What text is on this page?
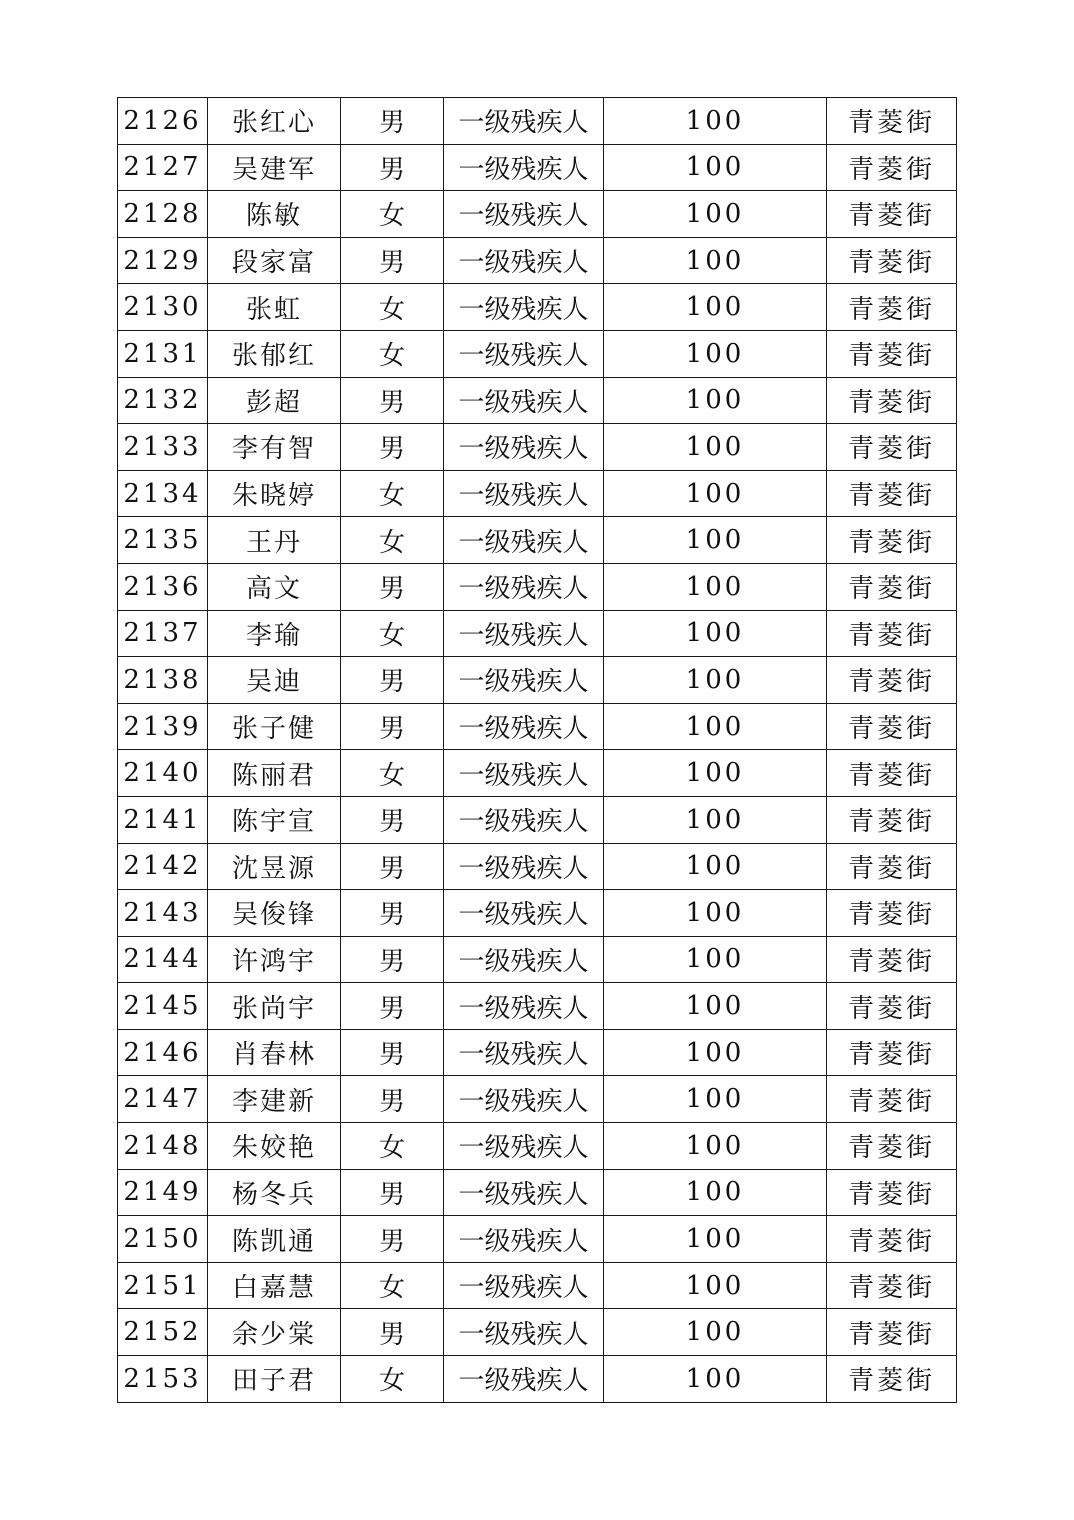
2126	张红心	男	一级残疾人	100	青菱街
2127	吴建军	男	一级残疾人	100	青菱街
2128	陈敏	女	一级残疾人	100	青菱街
2129	段家富	男	一级残疾人	100	青菱街
2130	张虹	女	一级残疾人	100	青菱街
2131	张郁红	女	一级残疾人	100	青菱街
2132	彭超	男	一级残疾人	100	青菱街
2133	李有智	男	一级残疾人	100	青菱街
2134	朱晓婷	女	一级残疾人	100	青菱街
2135	王丹	女	一级残疾人	100	青菱街
2136	高文	男	一级残疾人	100	青菱街
2137	李瑜	女	一级残疾人	100	青菱街
2138	吴迪	男	一级残疾人	100	青菱街
2139	张子健	男	一级残疾人	100	青菱街
2140	陈丽君	女	一级残疾人	100	青菱街
2141	陈宇宣	男	一级残疾人	100	青菱街
2142	沈昱源	男	一级残疾人	100	青菱街
2143	吴俊锋	男	一级残疾人	100	青菱街
2144	许鸿宇	男	一级残疾人	100	青菱街
2145	张尚宇	男	一级残疾人	100	青菱街
2146	肖春林	男	一级残疾人	100	青菱街
2147	李建新	男	一级残疾人	100	青菱街
2148	朱姣艳	女	一级残疾人	100	青菱街
2149	杨冬兵	男	一级残疾人	100	青菱街
2150	陈凯通	男	一级残疾人	100	青菱街
2151	白嘉慧	女	一级残疾人	100	青菱街
2152	余少棠	男	一级残疾人	100	青菱街
2153	田子君	女	一级残疾人	100	青菱街
